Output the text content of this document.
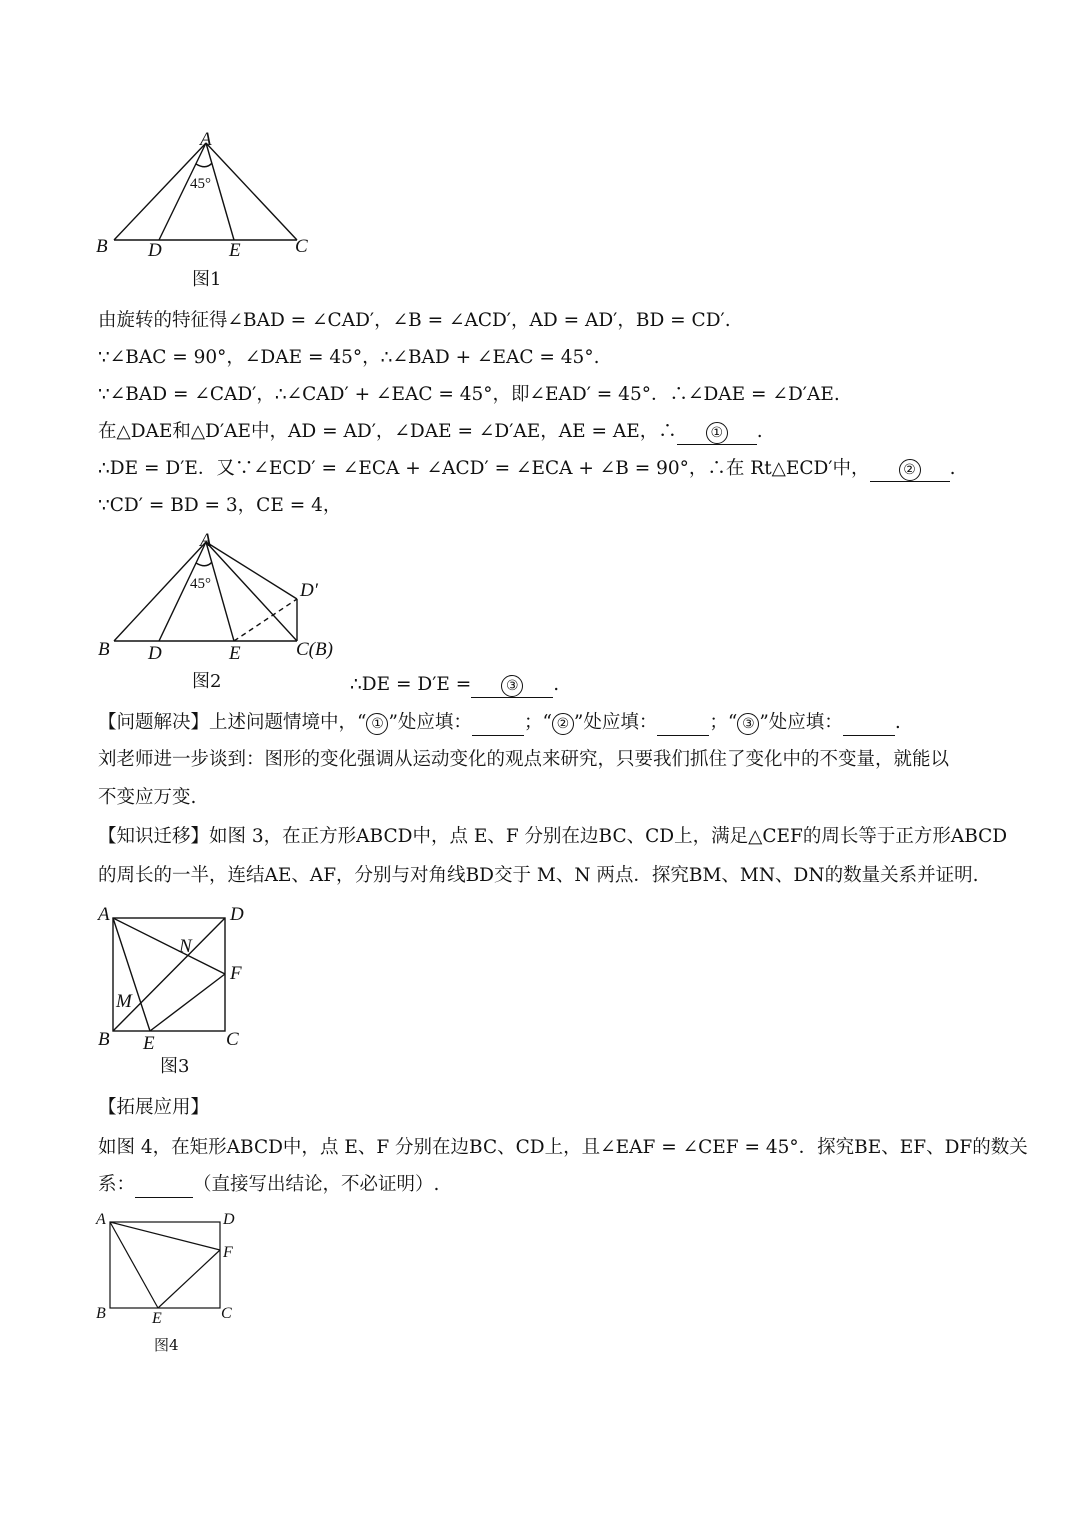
A
B D	E	C
45°
图1
由旋转的特征得∠BAD = ∠CAD′，∠B = ∠ACD′，AD = AD′，BD = CD′.
∵∠BAC = 90°，∠DAE = 45°，∴∠BAD + ∠EAC = 45°.
∵∠BAD = ∠CAD′，∴∠CAD′ + ∠EAC = 45°，即∠EAD′ = 45°．∴∠DAE = ∠D′AE.
在△DAE和△D′AE中，AD = AD′，∠DAE = ∠D′AE，AE = AE，∴ ① .
∴DE = D′E．又∵∠ECD′ = ∠ECA + ∠ACD′ = ∠ECA + ∠B = 90°，∴在 Rt△ECD′中， ② .
∵CD′ = BD = 3，CE = 4，
A
B D	E	C(B)
D′
45°
图2	∴DE = D′E = ③ .
【问题解决】上述问题情境中，“ ① ”处应填：	；“ ② ”处应填：	；“ ③ ”处应填：	.
刘老师进一步谈到：图形的变化强调从运动变化的观点来研究，只要我们抓住了变化中的不变量，就能以
不变应万变.
【知识迁移】如图 3，在正方形ABCD中，点 E、F 分别在边BC、CD上，满足△CEF的周长等于正方形ABCD
的周长的一半，连结AE、AF，分别与对角线BD交于 M、N 两点．探究BM、MN、DN的数量关系并证明.
A	D
F
B E	C
N
M
图3
【拓展应用】
如图 4，在矩形ABCD中，点 E、F 分别在边BC、CD上，且∠EAF = ∠CEF = 45°．探究BE、EF、DF的数关
系：	（直接写出结论，不必证明）.
A	D
F
B	E	C
图4
